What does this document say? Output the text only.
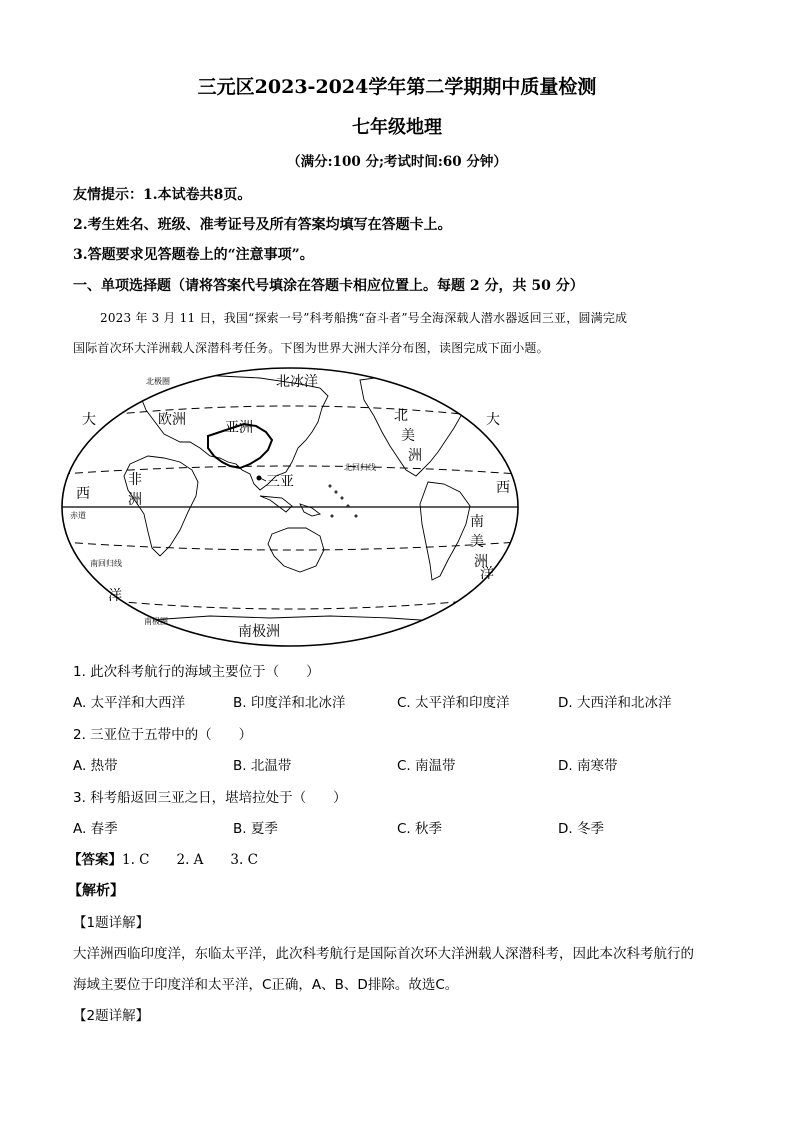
三元区2023-2024学年第二学期期中质量检测
七年级地理
（满分:100 分;考试时间:60 分钟）
友情提示：1.本试卷共8页。
2.考生姓名、班级、准考证号及所有答案均填写在答题卡上。
3.答题要求见答题卷上的“注意事项”。
一、单项选择题（请将答案代号填涂在答题卡相应位置上。每题 2 分，共 50 分）
2023 年 3 月 11 日，我国“探索一号”科考船携“奋斗者”号全海深载人潜水器返回三亚，圆满完成
国际首次环大洋洲载人深潜科考任务。下图为世界大洲大洋分布图，读图完成下面小题。
北冰洋
欧洲	亚洲
北
美
洲
非
洲
三亚
南
美
洲
南极洲
大
西
洋
大
西
洋
北极圈
北回归线
赤道
南回归线
南极圈
1. 此次科考航行的海域主要位于（　　）
A. 太平洋和大西洋	B. 印度洋和北冰洋	C. 太平洋和印度洋	D. 大西洋和北冰洋
2. 三亚位于五带中的（　　）
A. 热带	B. 北温带	C. 南温带	D. 南寒带
3. 科考船返回三亚之日，堪培拉处于（　　）
A. 春季	B. 夏季	C. 秋季	D. 冬季
【答案】1. C　　2. A　　3. C
【解析】
【1题详解】
大洋洲西临印度洋，东临太平洋，此次科考航行是国际首次环大洋洲载人深潜科考，因此本次科考航行的
海域主要位于印度洋和太平洋，C正确，A、B、D排除。故选C。
【2题详解】
